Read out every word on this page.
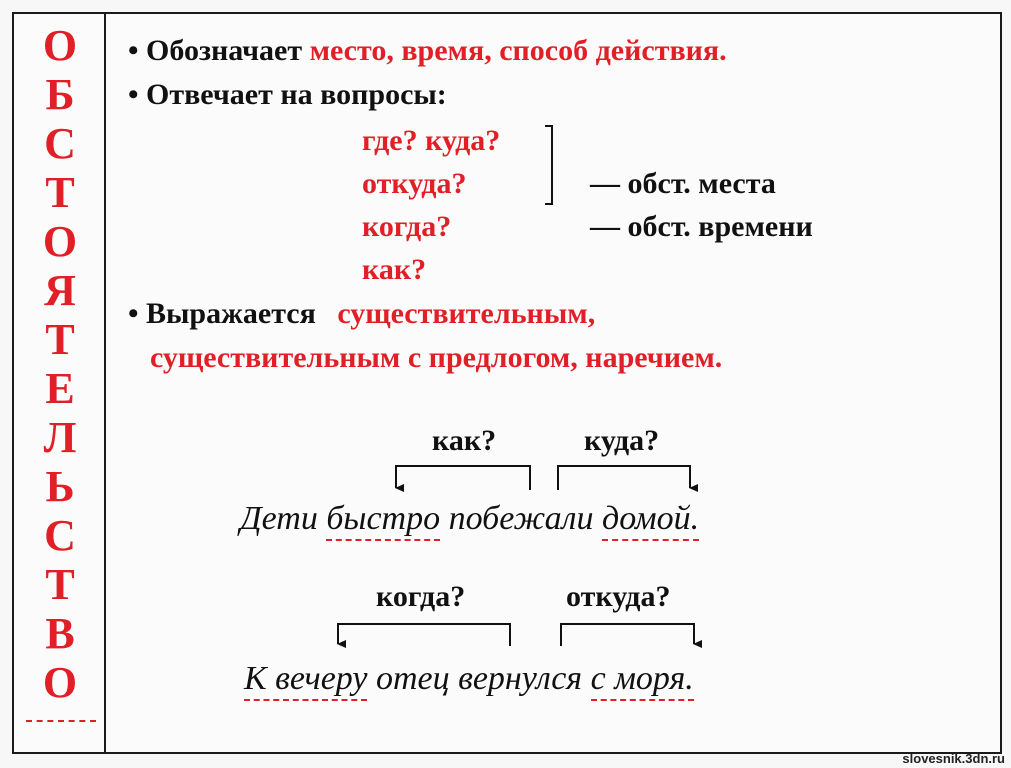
О
Б
С
Т
О
Я
Т
Е
Л
Ь
С
Т
В
О
• Обозначает место, время, способ действия.
• Отвечает на вопросы:
где? куда?
откуда?
когда?
как?
— обст. места
— обст. времени
• Выражается существительным,
существительным с предлогом, наречием.
как?	куда?
Дети быстро побежали домой.
когда?	откуда?
К вечеру отец вернулся с моря.
slovesnik.3dn.ru
